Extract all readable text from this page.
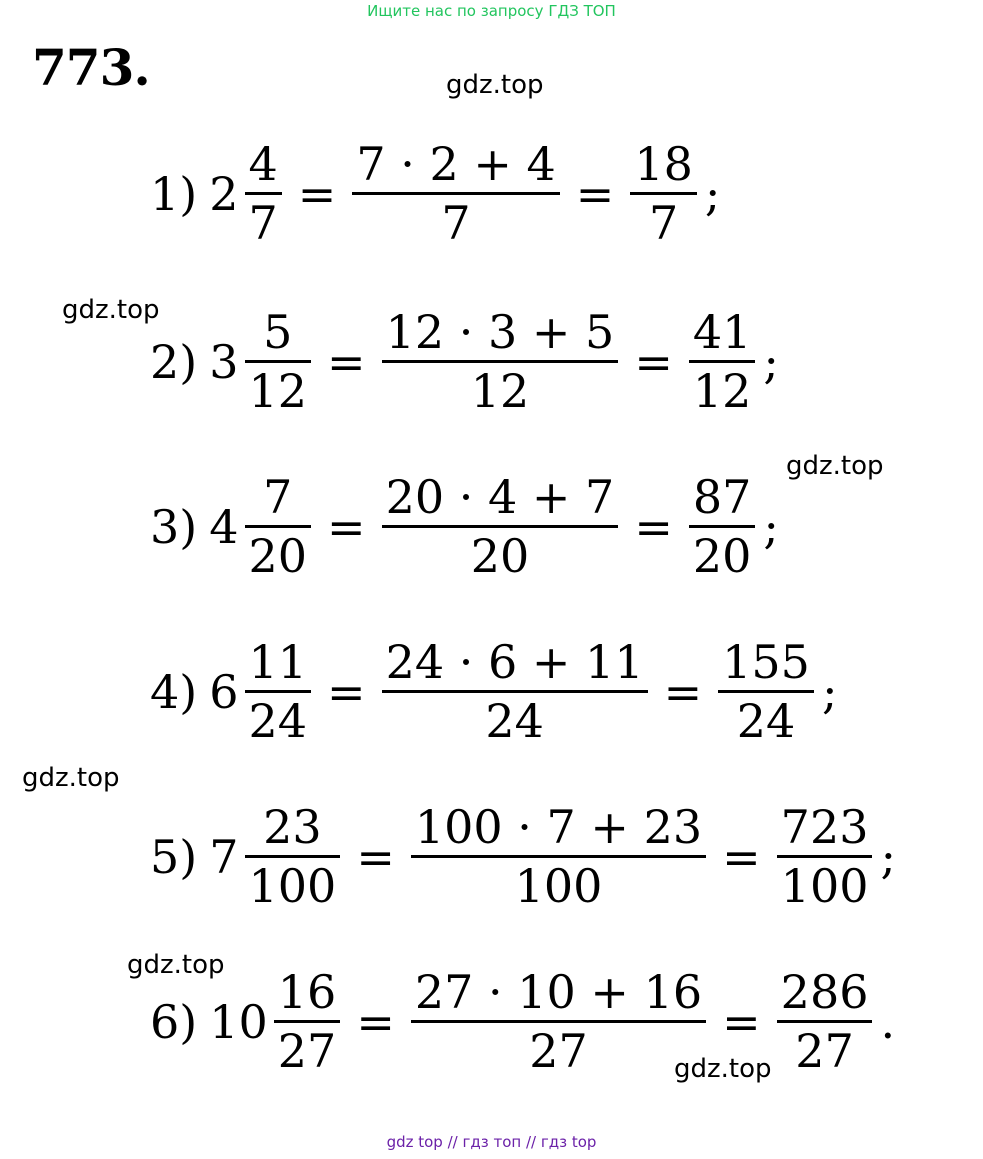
Ищите нас по запросу ГДЗ ТОП
773.	gdz.top
gdz.top
gdz.top
gdz.top
gdz.top
gdz.top
1) $2 \frac{4}{7} = \frac{7 \cdot 2 + 4}{7} = \frac{18}{7}$ ;
2) $3 \frac{5}{12} = \frac{12 \cdot 3 + 5}{12} = \frac{41}{12}$ ;
3) $4 \frac{7}{20} = \frac{20 \cdot 4 + 7}{20} = \frac{87}{20}$ ;
4) $6 \frac{11}{24} = \frac{24 \cdot 6 + 11}{24} = \frac{155}{24}$ ;
5) $7 \frac{23}{100} = \frac{100 \cdot 7 + 23}{100} = \frac{723}{100}$ ;
6) $10 \frac{16}{27} = \frac{27 \cdot 10 + 16}{27} = \frac{286}{27}$ .
gdz top // гдз топ // гдз top
